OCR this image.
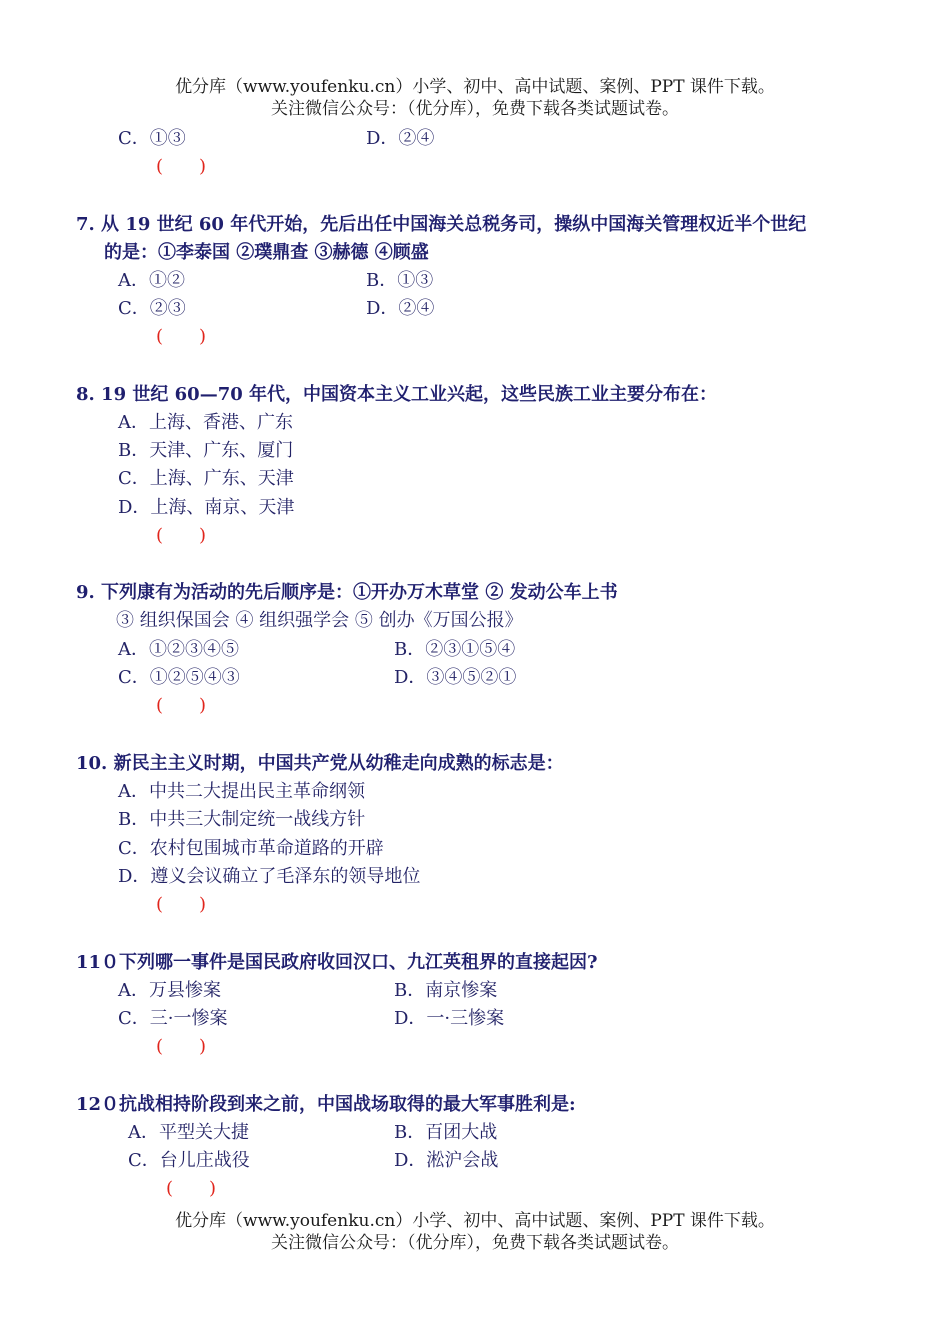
优分库（www.youfenku.cn）小学、初中、高中试题、案例、PPT 课件下载。
关注微信公众号：（优分库），免费下载各类试题试卷。
C．①③	D．②④
( )
7. 从 19 世纪 60 年代开始，先后出任中国海关总税务司，操纵中国海关管理权近半个世纪
的是：①李泰国 ②璞鼎查 ③赫德 ④顾盛
A．①②	B．①③
C．②③	D．②④
( )
8. 19 世纪 60—70 年代，中国资本主义工业兴起，这些民族工业主要分布在：
A．上海、香港、广东
B．天津、广东、厦门
C．上海、广东、天津
D．上海、南京、天津
( )
9. 下列康有为活动的先后顺序是：①开办万木草堂 ② 发动公车上书
③ 组织保国会 ④ 组织强学会 ⑤ 创办《万国公报》
A．①②③④⑤	B．②③①⑤④
C．①②⑤④③	D．③④⑤②①
( )
10. 新民主主义时期，中国共产党从幼稚走向成熟的标志是：
A．中共二大提出民主革命纲领
B．中共三大制定统一战线方针
C．农村包围城市革命道路的开辟
D．遵义会议确立了毛泽东的领导地位
( )
11０下列哪一事件是国民政府收回汉口、九江英租界的直接起因?
A．万县惨案	B．南京惨案
C．三·一惨案	D．一·三惨案
( )
12０抗战相持阶段到来之前，中国战场取得的最大军事胜利是:
A．平型关大捷	B．百团大战
C．台儿庄战役	D．淞沪会战
( )
优分库（www.youfenku.cn）小学、初中、高中试题、案例、PPT 课件下载。
关注微信公众号：（优分库），免费下载各类试题试卷。
